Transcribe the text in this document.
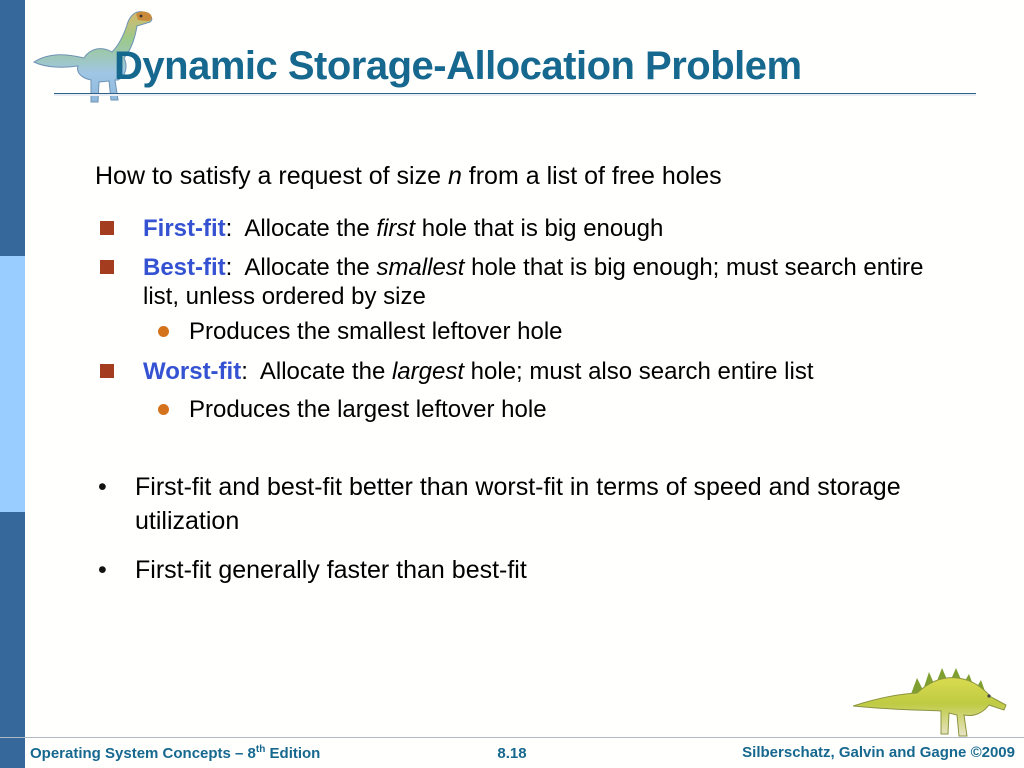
Dynamic Storage-Allocation Problem

How to satisfy a request of size n from a list of free holes

First-fit:  Allocate the first hole that is big enough
Best-fit:  Allocate the smallest hole that is big enough; must search entire list, unless ordered by size
Produces the smallest leftover hole
Worst-fit:  Allocate the largest hole; must also search entire list
Produces the largest leftover hole
• First-fit and best-fit better than worst-fit in terms of speed and storage utilization
• First-fit generally faster than best-fit
Operating System Concepts – 8th Edition	8.18	Silberschatz, Galvin and Gagne ©2009
